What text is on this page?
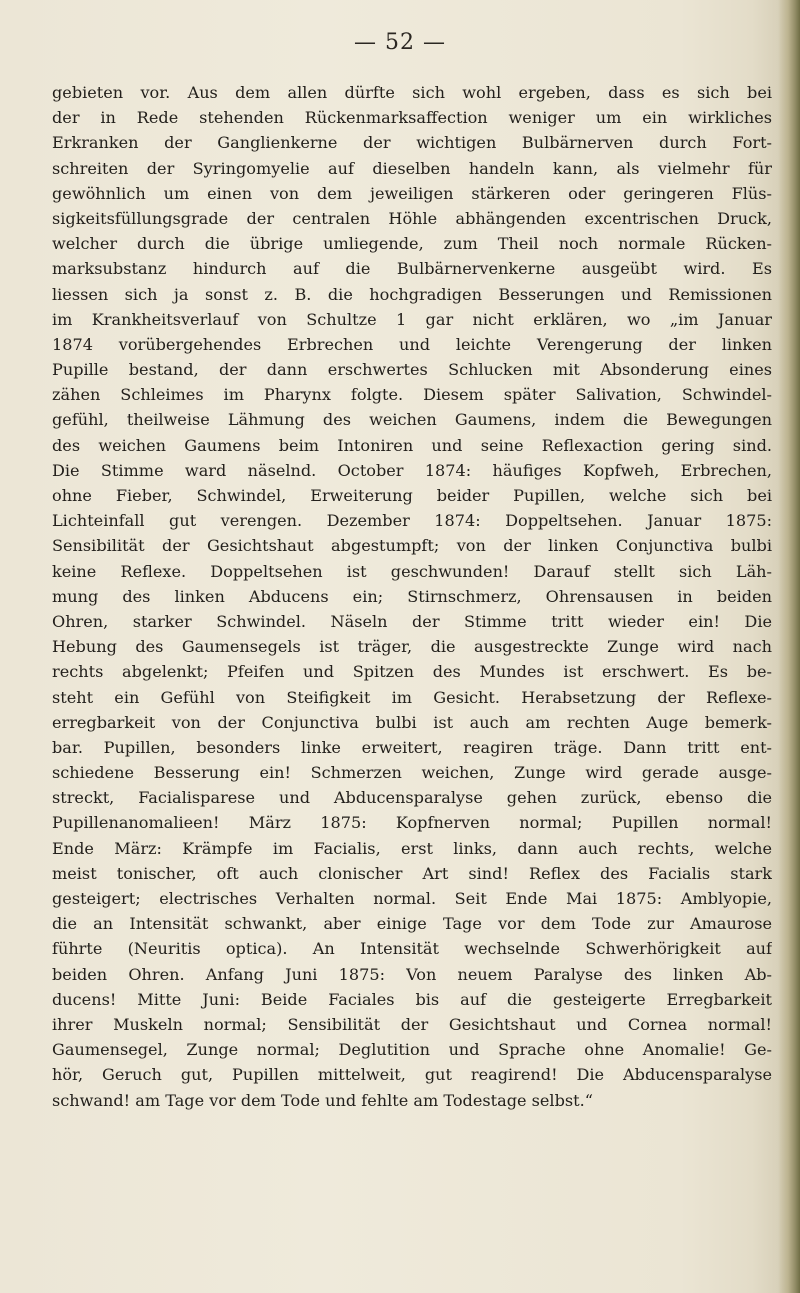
— 52 —
gebieten vor. Aus dem allen dürfte sich wohl ergeben, dass es sich bei
der in Rede stehenden Rückenmarksaffection weniger um ein wirkliches
Erkranken der Ganglienkerne der wichtigen Bulbärnerven durch Fort-
schreiten der Syringomyelie auf dieselben handeln kann, als vielmehr für
gewöhnlich um einen von dem jeweiligen stärkeren oder geringeren Flüs-
sigkeitsfüllungsgrade der centralen Höhle abhängenden excentrischen Druck,
welcher durch die übrige umliegende, zum Theil noch normale Rücken-
marksubstanz hindurch auf die Bulbärnervenkerne ausgeübt wird. Es
liessen sich ja sonst z. B. die hochgradigen Besserungen und Remissionen
im Krankheitsverlauf von Schultze 1 gar nicht erklären, wo „im Januar
1874 vorübergehendes Erbrechen und leichte Verengerung der linken
Pupille bestand, der dann erschwertes Schlucken mit Absonderung eines
zähen Schleimes im Pharynx folgte. Diesem später Salivation, Schwindel-
gefühl, theilweise Lähmung des weichen Gaumens, indem die Bewegungen
des weichen Gaumens beim Intoniren und seine Reflexaction gering sind.
Die Stimme ward näselnd. October 1874: häufiges Kopfweh, Erbrechen,
ohne Fieber, Schwindel, Erweiterung beider Pupillen, welche sich bei
Lichteinfall gut verengen. Dezember 1874: Doppeltsehen. Januar 1875:
Sensibilität der Gesichtshaut abgestumpft; von der linken Conjunctiva bulbi
keine Reflexe. Doppeltsehen ist geschwunden! Darauf stellt sich Läh-
mung des linken Abducens ein; Stirnschmerz, Ohrensausen in beiden
Ohren, starker Schwindel. Näseln der Stimme tritt wieder ein! Die
Hebung des Gaumensegels ist träger, die ausgestreckte Zunge wird nach
rechts abgelenkt; Pfeifen und Spitzen des Mundes ist erschwert. Es be-
steht ein Gefühl von Steifigkeit im Gesicht. Herabsetzung der Reflexe-
erregbarkeit von der Conjunctiva bulbi ist auch am rechten Auge bemerk-
bar. Pupillen, besonders linke erweitert, reagiren träge. Dann tritt ent-
schiedene Besserung ein! Schmerzen weichen, Zunge wird gerade ausge-
streckt, Facialisparese und Abducensparalyse gehen zurück, ebenso die
Pupillenanomalieen! März 1875: Kopfnerven normal; Pupillen normal!
Ende März: Krämpfe im Facialis, erst links, dann auch rechts, welche
meist tonischer, oft auch clonischer Art sind! Reflex des Facialis stark
gesteigert; electrisches Verhalten normal. Seit Ende Mai 1875: Amblyopie,
die an Intensität schwankt, aber einige Tage vor dem Tode zur Amaurose
führte (Neuritis optica). An Intensität wechselnde Schwerhörigkeit auf
beiden Ohren. Anfang Juni 1875: Von neuem Paralyse des linken Ab-
ducens! Mitte Juni: Beide Faciales bis auf die gesteigerte Erregbarkeit
ihrer Muskeln normal; Sensibilität der Gesichtshaut und Cornea normal!
Gaumensegel, Zunge normal; Deglutition und Sprache ohne Anomalie! Ge-
hör, Geruch gut, Pupillen mittelweit, gut reagirend! Die Abducensparalyse
schwand! am Tage vor dem Tode und fehlte am Todestage selbst.“
